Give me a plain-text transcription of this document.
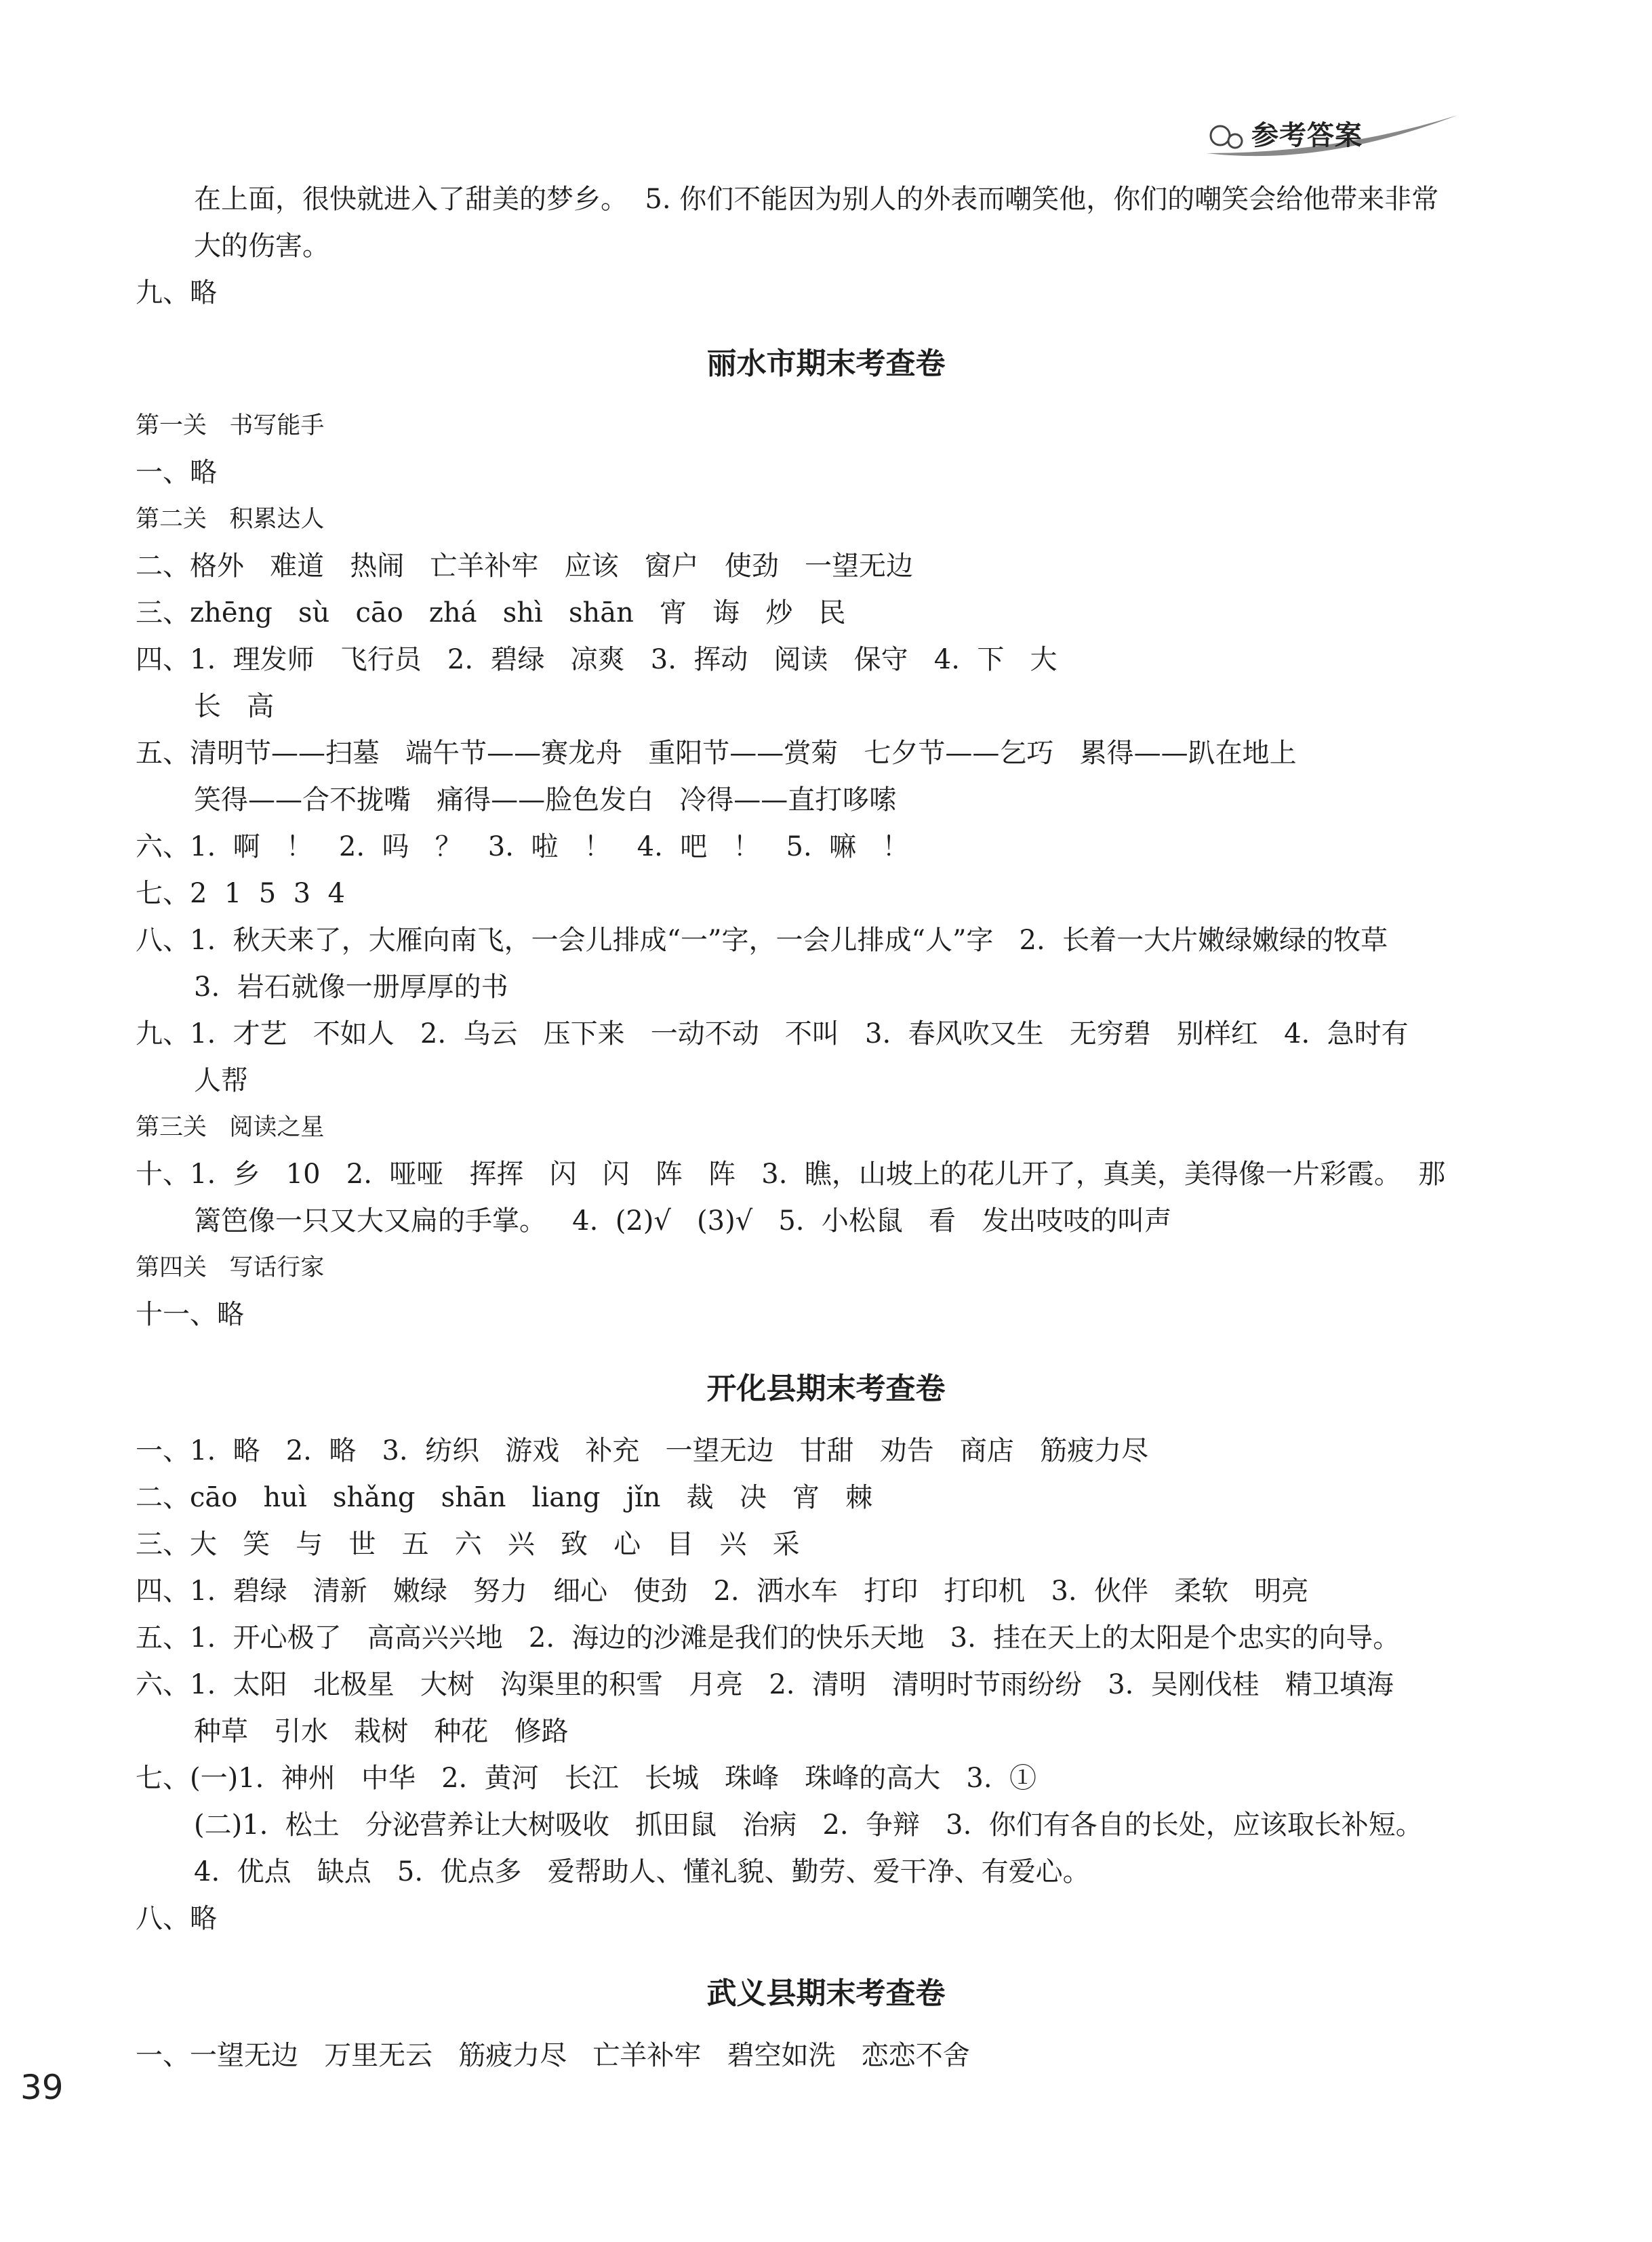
参考答案
在上面，很快就进入了甜美的梦乡。  5. 你们不能因为别人的外表而嘲笑他，你们的嘲笑会给他带来非常
大的伤害。
九、略
丽水市期末考查卷
第一关   书写能手
一、略
第二关   积累达人
二、格外   难道   热闹   亡羊补牢   应该   窗户   使劲   一望无边
三、zhēng   sù   cāo   zhá   shì   shān   宵   诲   炒   民
四、1.  理发师   飞行员   2.  碧绿   凉爽   3.  挥动   阅读   保守   4.  下   大
长   高
五、清明节——扫墓   端午节——赛龙舟   重阳节——赏菊   七夕节——乞巧   累得——趴在地上
笑得——合不拢嘴   痛得——脸色发白   冷得——直打哆嗦
六、1.  啊   ！   2.  吗   ？   3.  啦   ！   4.  吧   ！   5.  嘛   ！
七、2  1  5  3  4
八、1.  秋天来了，大雁向南飞，一会儿排成“一”字，一会儿排成“人”字   2.  长着一大片嫩绿嫩绿的牧草
3.  岩石就像一册厚厚的书
九、1.  才艺   不如人   2.  乌云   压下来   一动不动   不叫   3.  春风吹又生   无穷碧   别样红   4.  急时有
人帮
第三关   阅读之星
十、1.  乡   10   2.  哑哑   挥挥   闪   闪   阵   阵   3.  瞧，山坡上的花儿开了，真美，美得像一片彩霞。  那
篱笆像一只又大又扁的手掌。   4.  (2)√   (3)√   5.  小松鼠   看   发出吱吱的叫声
第四关   写话行家
十一、略
开化县期末考查卷
一、1.  略   2.  略   3.  纺织   游戏   补充   一望无边   甘甜   劝告   商店   筋疲力尽
二、cāo   huì   shǎng   shān   liang   jǐn   裁   决   宵   棘
三、大   笑   与   世   五   六   兴   致   心   目   兴   采
四、1.  碧绿   清新   嫩绿   努力   细心   使劲   2.  洒水车   打印   打印机   3.  伙伴   柔软   明亮
五、1.  开心极了   高高兴兴地   2.  海边的沙滩是我们的快乐天地   3.  挂在天上的太阳是个忠实的向导。
六、1.  太阳   北极星   大树   沟渠里的积雪   月亮   2.  清明   清明时节雨纷纷   3.  吴刚伐桂   精卫填海
种草   引水   栽树   种花   修路
七、(一)1.  神州   中华   2.  黄河   长江   长城   珠峰   珠峰的高大   3.  ①
(二)1.  松土   分泌营养让大树吸收   抓田鼠   治病   2.  争辩   3.  你们有各自的长处，应该取长补短。
4.  优点   缺点   5.  优点多   爱帮助人、懂礼貌、勤劳、爱干净、有爱心。
八、略
武义县期末考查卷
一、一望无边   万里无云   筋疲力尽   亡羊补牢   碧空如洗   恋恋不舍
39
